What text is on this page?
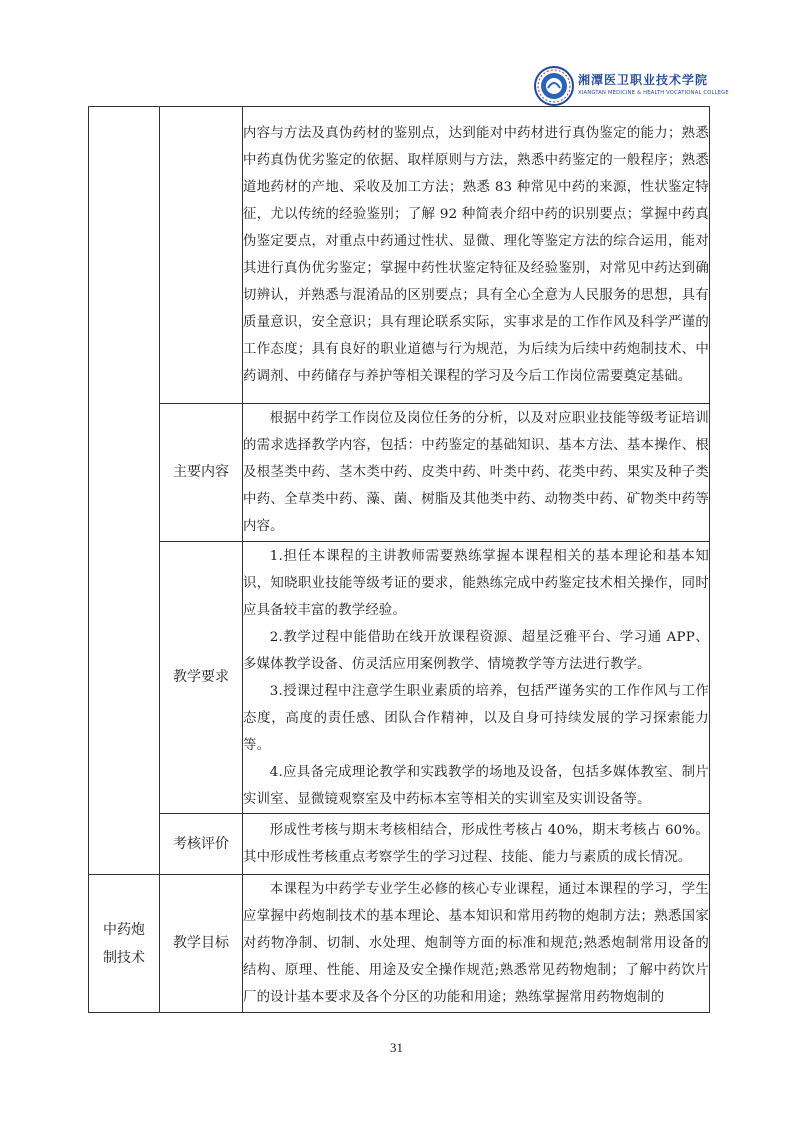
湘潭医卫职业技术学院
XIANGTAN MEDICINE & HEALTH VOCATIONAL COLLEGE

		内容与方法及真伪药材的鉴别点，达到能对中药材进行真伪鉴定的能力；熟悉中药真伪优劣鉴定的依据、取样原则与方法，熟悉中药鉴定的一般程序；熟悉道地药材的产地、采收及加工方法；熟悉 83 种常见中药的来源，性状鉴定特征，尤以传统的经验鉴别；了解 92 种简表介绍中药的识别要点；掌握中药真伪鉴定要点，对重点中药通过性状、显微、理化等鉴定方法的综合运用，能对其进行真伪优劣鉴定；掌握中药性状鉴定特征及经验鉴别，对常见中药达到确切辨认，并熟悉与混淆品的区别要点；具有全心全意为人民服务的思想，具有质量意识，安全意识；具有理论联系实际，实事求是的工作作风及科学严谨的工作态度；具有良好的职业道德与行为规范，为后续为后续中药炮制技术、中药调剂、中药储存与养护等相关课程的学习及今后工作岗位需要奠定基础。

	主要内容	根据中药学工作岗位及岗位任务的分析，以及对应职业技能等级考证培训的需求选择教学内容，包括：中药鉴定的基础知识、基本方法、基本操作、根及根茎类中药、茎木类中药、皮类中药、叶类中药、花类中药、果实及种子类中药、全草类中药、藻、菌、树脂及其他类中药、动物类中药、矿物类中药等内容。

	教学要求	1.担任本课程的主讲教师需要熟练掌握本课程相关的基本理论和基本知识，知晓职业技能等级考证的要求，能熟练完成中药鉴定技术相关操作，同时应具备较丰富的教学经验。

2.教学过程中能借助在线开放课程资源、超星泛雅平台、学习通 APP、多媒体教学设备、仿灵活应用案例教学、情境教学等方法进行教学。

3.授课过程中注意学生职业素质的培养，包括严谨务实的工作作风与工作态度，高度的责任感、团队合作精神，以及自身可持续发展的学习探索能力等。

4.应具备完成理论教学和实践教学的场地及设备，包括多媒体教室、制片实训室、显微镜观察室及中药标本室等相关的实训室及实训设备等。

	考核评价	形成性考核与期末考核相结合，形成性考核占 40%，期末考核占 60%。其中形成性考核重点考察学生的学习过程、技能、能力与素质的成长情况。

中药炮制技术	教学目标	本课程为中药学专业学生必修的核心专业课程，通过本课程的学习，学生应掌握中药炮制技术的基本理论、基本知识和常用药物的炮制方法；熟悉国家对药物净制、切制、水处理、炮制等方面的标准和规范;熟悉炮制常用设备的结构、原理、性能、用途及安全操作规范;熟悉常见药物炮制；了解中药饮片厂的设计基本要求及各个分区的功能和用途；熟练掌握常用药物炮制的

31
